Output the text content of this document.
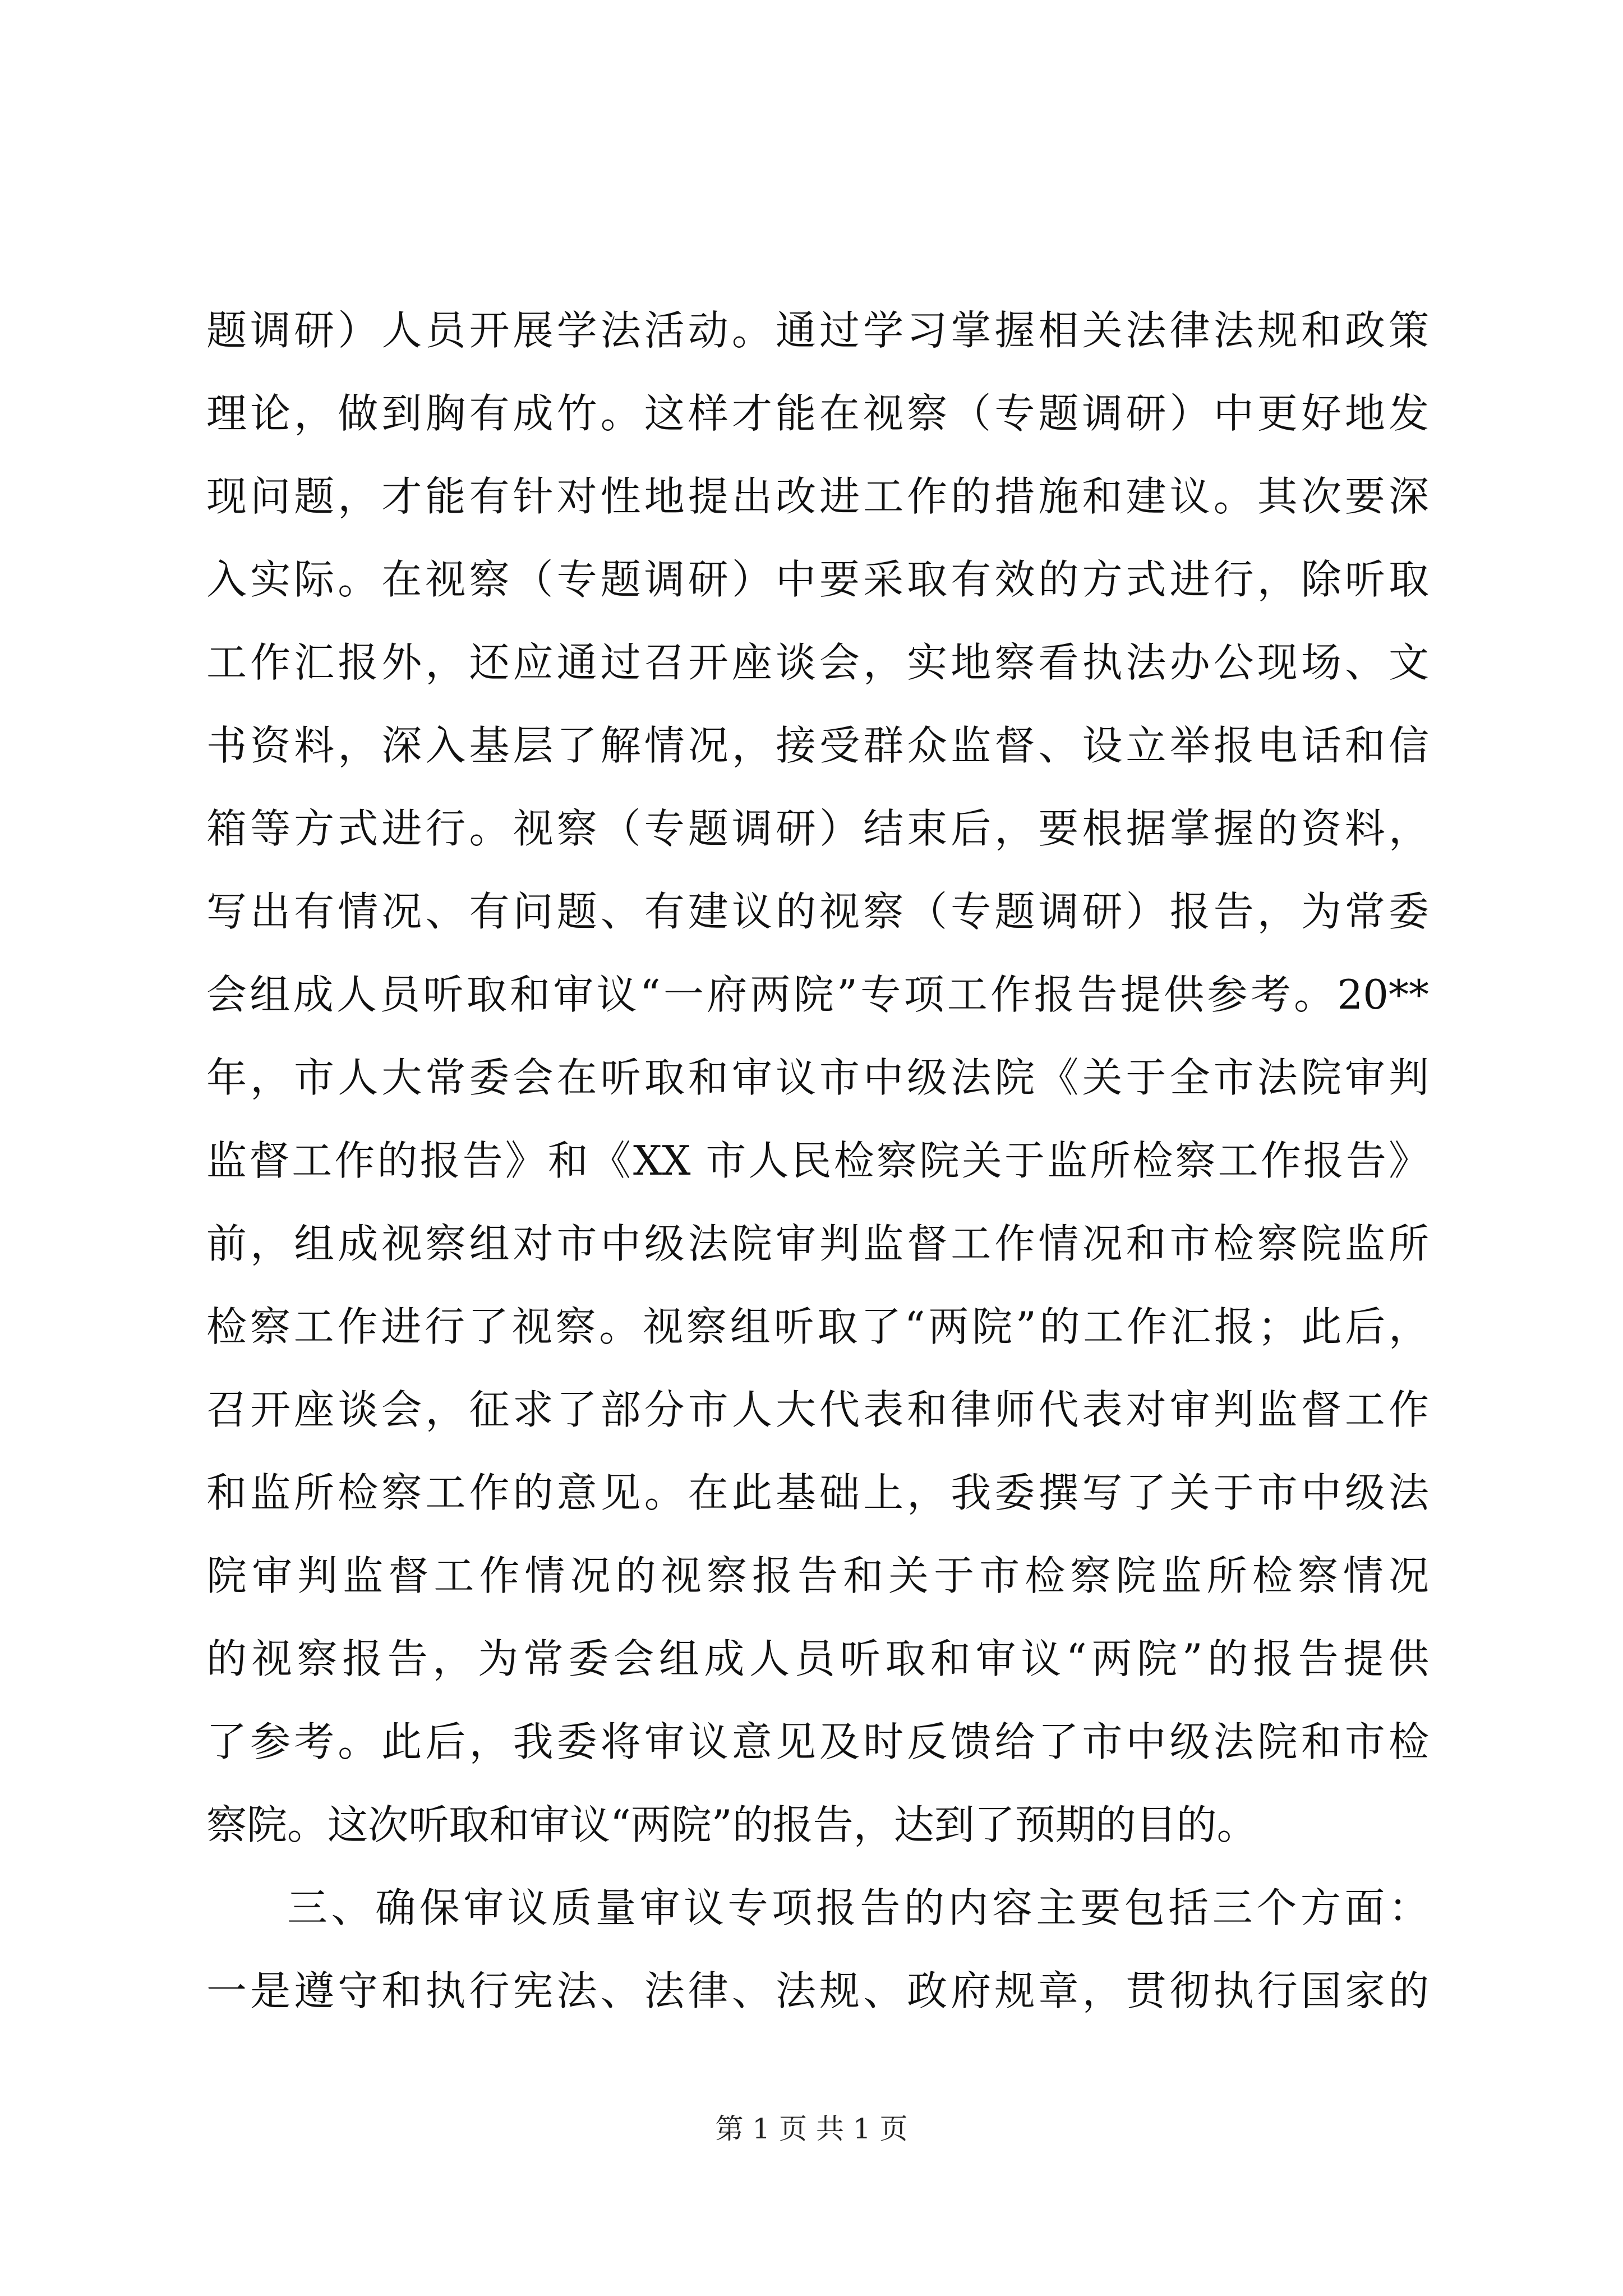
题调研）人员开展学法活动。通过学习掌握相关法律法规和政策
理论，做到胸有成竹。这样才能在视察（专题调研）中更好地发
现问题，才能有针对性地提出改进工作的措施和建议。其次要深
入实际。在视察（专题调研）中要采取有效的方式进行，除听取
工作汇报外，还应通过召开座谈会，实地察看执法办公现场、文
书资料，深入基层了解情况，接受群众监督、设立举报电话和信
箱等方式进行。视察（专题调研）结束后，要根据掌握的资料，
写出有情况、有问题、有建议的视察（专题调研）报告，为常委
会组成人员听取和审议“一府两院”专项工作报告提供参考。20**
年，市人大常委会在听取和审议市中级法院《关于全市法院审判
监督工作的报告》和《XX 市人民检察院关于监所检察工作报告》
前，组成视察组对市中级法院审判监督工作情况和市检察院监所
检察工作进行了视察。视察组听取了“两院”的工作汇报；此后，
召开座谈会，征求了部分市人大代表和律师代表对审判监督工作
和监所检察工作的意见。在此基础上，我委撰写了关于市中级法
院审判监督工作情况的视察报告和关于市检察院监所检察情况
的视察报告，为常委会组成人员听取和审议“两院”的报告提供
了参考。此后，我委将审议意见及时反馈给了市中级法院和市检
察院。这次听取和审议“两院”的报告，达到了预期的目的。
三、确保审议质量审议专项报告的内容主要包括三个方面：
一是遵守和执行宪法、法律、法规、政府规章，贯彻执行国家的
第 1 页 共 1 页
